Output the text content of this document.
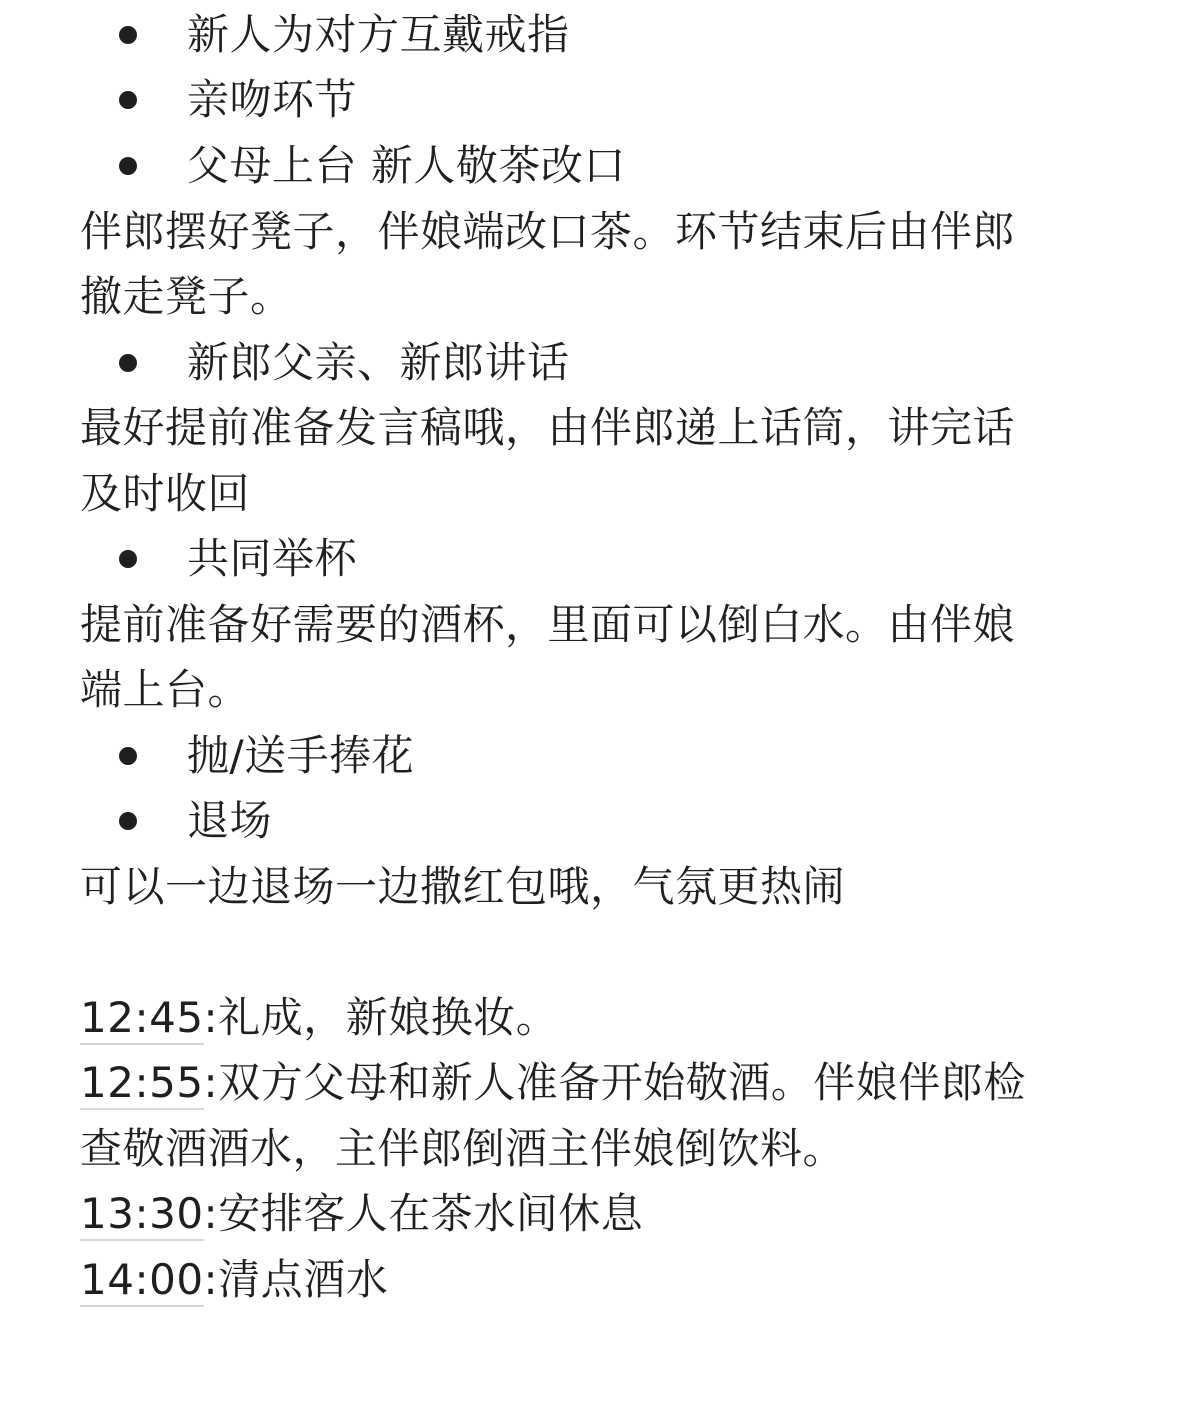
新人为对方互戴戒指
亲吻环节
父母上台 新人敬茶改口
伴郎摆好凳子，伴娘端改口茶。环节结束后由伴郎
撤走凳子。
新郎父亲、新郎讲话
最好提前准备发言稿哦，由伴郎递上话筒，讲完话
及时收回
共同举杯
提前准备好需要的酒杯，里面可以倒白水。由伴娘
端上台。
抛/送手捧花
退场
可以一边退场一边撒红包哦，气氛更热闹
12:45:礼成，新娘换妆。
12:55:双方父母和新人准备开始敬酒。伴娘伴郎检
查敬酒酒水，主伴郎倒酒主伴娘倒饮料。
13:30:安排客人在茶水间休息
14:00:清点酒水
